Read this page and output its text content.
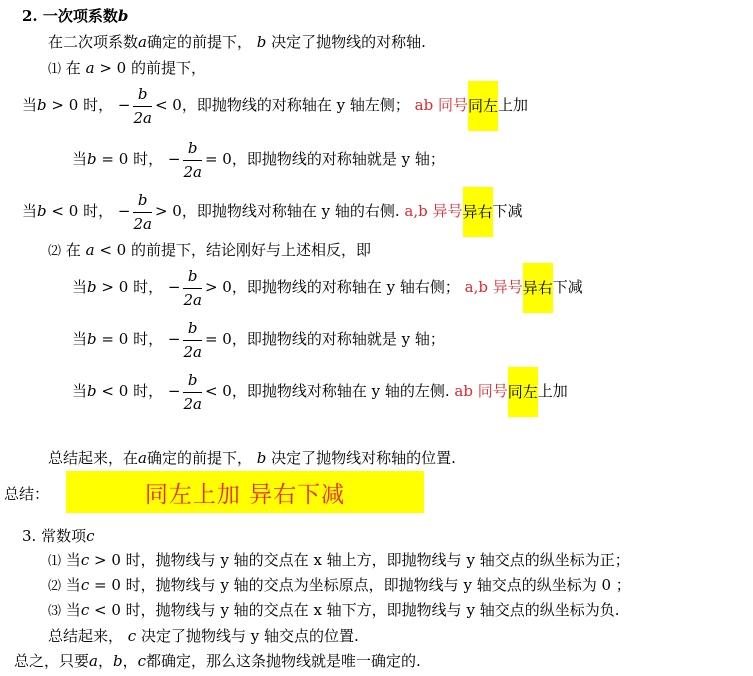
2. 一次项系数b
在二次项系数a确定的前提下， b 决定了抛物线的对称轴.
⑴ 在 a > 0 的前提下，
当b > 0 时， − $\frac{b}{2a} < 0$，即抛物线的对称轴在 y 轴左侧； ab 同号同左上加
当b = 0 时， − $\frac{b}{2a} = 0$，即抛物线的对称轴就是 y 轴；
当b < 0 时， − $\frac{b}{2a} > 0$，即抛物线对称轴在 y 轴的右侧. a,b 异号异右下减
⑵ 在 a < 0 的前提下，结论刚好与上述相反，即
当b > 0 时， − $\frac{b}{2a} > 0$，即抛物线的对称轴在 y 轴右侧； a,b 异号异右下减
当b = 0 时， − $\frac{b}{2a} = 0$，即抛物线的对称轴就是 y 轴；
当b < 0 时， − $\frac{b}{2a} < 0$，即抛物线对称轴在 y 轴的左侧. ab 同号同左上加
总结起来，在a确定的前提下， b 决定了抛物线对称轴的位置.
总结：	同左上加 异右下减
3. 常数项c
⑴ 当c > 0 时，抛物线与 y 轴的交点在 x 轴上方，即抛物线与 y 轴交点的纵坐标为正；
⑵ 当c = 0 时，抛物线与 y 轴的交点为坐标原点，即抛物线与 y 轴交点的纵坐标为 0 ；
⑶ 当c < 0 时，抛物线与 y 轴的交点在 x 轴下方，即抛物线与 y 轴交点的纵坐标为负.
总结起来， c 决定了抛物线与 y 轴交点的位置.
总之，只要a，b，c都确定，那么这条抛物线就是唯一确定的.
